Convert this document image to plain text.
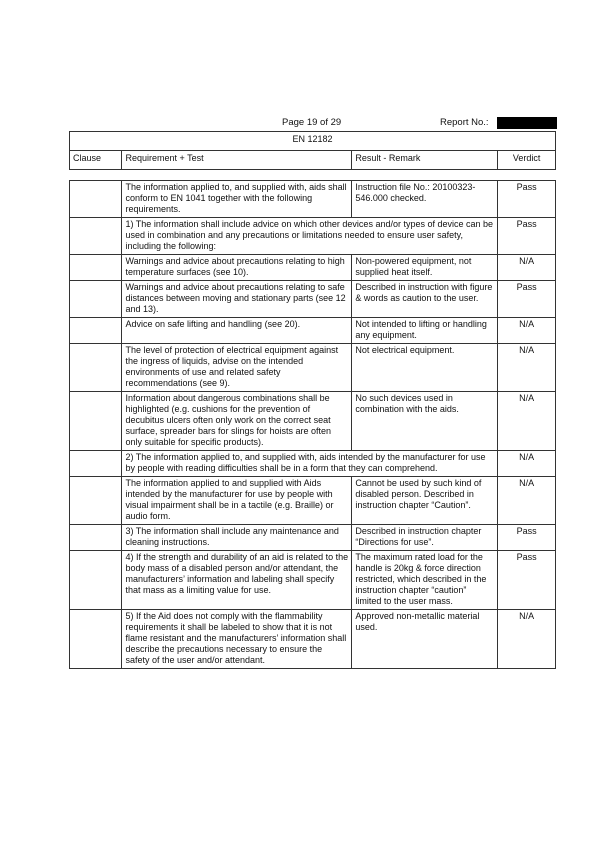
Page 19 of 29	Report No.:
EN 12182
Clause	Requirement + Test	Result - Remark	Verdict
	The information applied to, and supplied with, aids shall conform to EN 1041 together with the following requirements.	Instruction file No.: 20100323-546.000 checked.	Pass
	1) The information shall include advice on which other devices and/or types of device can be used in combination and any precautions or limitations needed to ensure user safety, including the following:		Pass
	Warnings and advice about precautions relating to high temperature surfaces (see 10).	Non-powered equipment, not supplied heat itself.	N/A
	Warnings and advice about precautions relating to safe distances between moving and stationary parts (see 12 and 13).	Described in instruction with figure & words as caution to the user.	Pass
	Advice on safe lifting and handling (see 20).	Not intended to lifting or handling any equipment.	N/A
	The level of protection of electrical equipment against the ingress of liquids, advise on the intended environments of use and related safety recommendations (see 9).	Not electrical equipment.	N/A
	Information about dangerous combinations shall be highlighted (e.g. cushions for the prevention of decubitus ulcers often only work on the correct seat surface, spreader bars for slings for hoists are often only suitable for specific products).	No such devices used in combination with the aids.	N/A
	2) The information applied to, and supplied with, aids intended by the manufacturer for use by people with reading difficulties shall be in a form that they can comprehend.		N/A
	The information applied to and supplied with Aids intended by the manufacturer for use by people with visual impairment shall be in a tactile (e.g. Braille) or audio form.	Cannot be used by such kind of disabled person. Described in instruction chapter “Caution”.	N/A
	3) The information shall include any maintenance and cleaning instructions.	Described in instruction chapter “Directions for use”.	Pass
	4) If the strength and durability of an aid is related to the body mass of a disabled person and/or attendant, the manufacturers’ information and labeling shall specify that mass as a limiting value for use.	The maximum rated load for the handle is 20kg & force direction restricted, which described in the instruction chapter “caution” limited to the user mass.	Pass
	5) If the Aid does not comply with the flammability requirements it shall be labeled to show that it is not flame resistant and the manufacturers’ information shall describe the precautions necessary to ensure the safety of the user and/or attendant.	Approved non-metallic material used.	N/A
